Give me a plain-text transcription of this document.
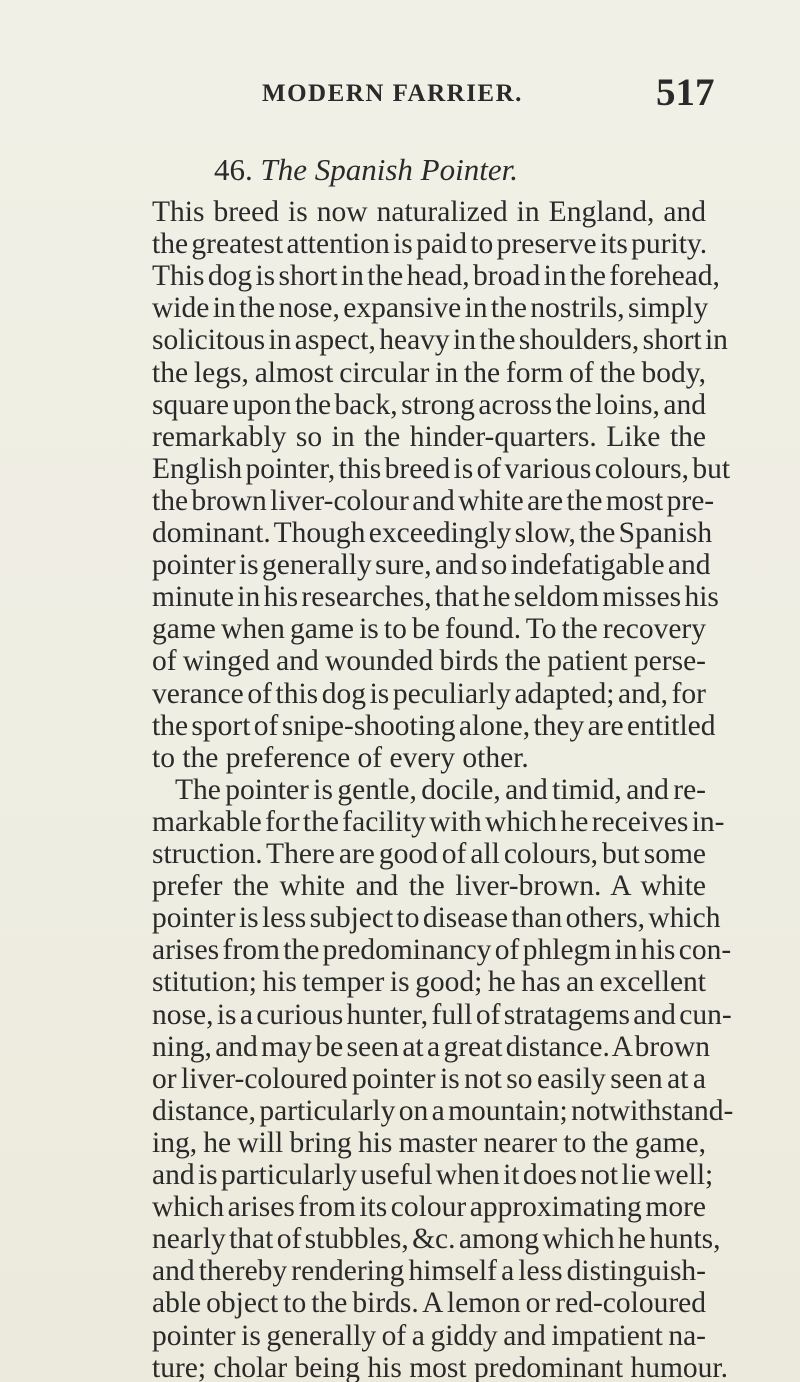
MODERN FARRIER.	517
46. The Spanish Pointer.
This breed is now naturalized in England, and
the greatest attention is paid to preserve its purity.
This dog is short in the head, broad in the forehead,
wide in the nose, expansive in the nostrils, simply
solicitous in aspect, heavy in the shoulders, short in
the legs, almost circular in the form of the body,
square upon the back, strong across the loins, and
remarkably so in the hinder-quarters. Like the
English pointer, this breed is of various colours, but
the brown liver-colour and white are the most pre-
dominant. Though exceedingly slow, the Spanish
pointer is generally sure, and so indefatigable and
minute in his researches, that he seldom misses his
game when game is to be found. To the recovery
of winged and wounded birds the patient perse-
verance of this dog is peculiarly adapted; and, for
the sport of snipe-shooting alone, they are entitled
to the preference of every other.
The pointer is gentle, docile, and timid, and re-
markable for the facility with which he receives in-
struction. There are good of all colours, but some
prefer the white and the liver-brown. A white
pointer is less subject to disease than others, which
arises from the predominancy of phlegm in his con-
stitution; his temper is good; he has an excellent
nose, is a curious hunter, full of stratagems and cun-
ning, and may be seen at a great distance. A brown
or liver-coloured pointer is not so easily seen at a
distance, particularly on a mountain; notwithstand-
ing, he will bring his master nearer to the game,
and is particularly useful when it does not lie well;
which arises from its colour approximating more
nearly that of stubbles, &c. among which he hunts,
and thereby rendering himself a less distinguish-
able object to the birds. A lemon or red-coloured
pointer is generally of a giddy and impatient na-
ture; cholar being his most predominant humour.
